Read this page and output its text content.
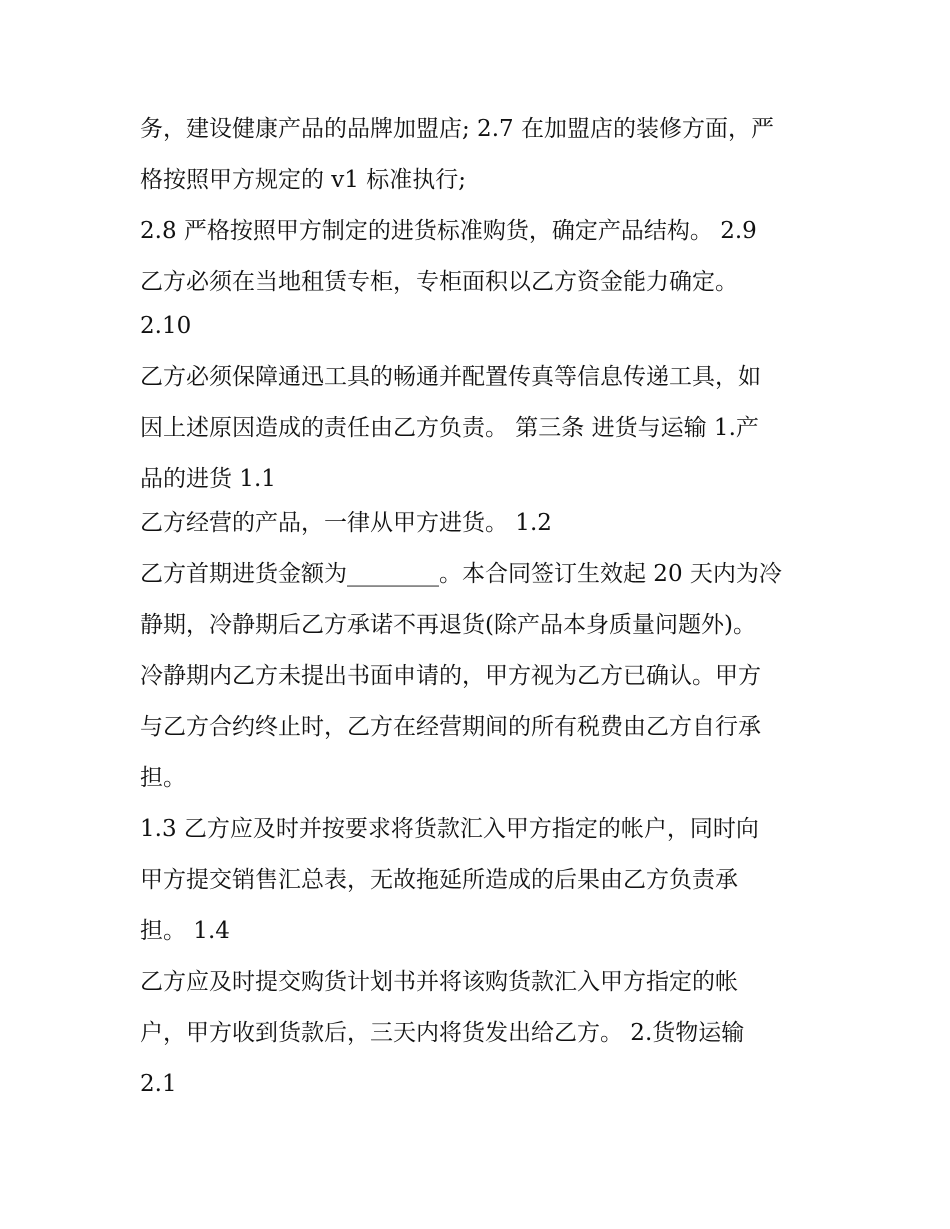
务，建设健康产品的品牌加盟店; 2.7 在加盟店的装修方面，严
格按照甲方规定的 v1 标准执行;
2.8 严格按照甲方制定的进货标准购货，确定产品结构。 2.9
乙方必须在当地租赁专柜，专柜面积以乙方资金能力确定。
2.10
乙方必须保障通迅工具的畅通并配置传真等信息传递工具，如
因上述原因造成的责任由乙方负责。 第三条 进货与运输 1.产
品的进货 1.1
乙方经营的产品，一律从甲方进货。 1.2
乙方首期进货金额为________。本合同签订生效起 20 天内为冷
静期，冷静期后乙方承诺不再退货(除产品本身质量问题外)。
冷静期内乙方未提出书面申请的，甲方视为乙方已确认。甲方
与乙方合约终止时，乙方在经营期间的所有税费由乙方自行承
担。
1.3 乙方应及时并按要求将货款汇入甲方指定的帐户，同时向
甲方提交销售汇总表，无故拖延所造成的后果由乙方负责承
担。 1.4
乙方应及时提交购货计划书并将该购货款汇入甲方指定的帐
户，甲方收到货款后，三天内将货发出给乙方。 2.货物运输
2.1
